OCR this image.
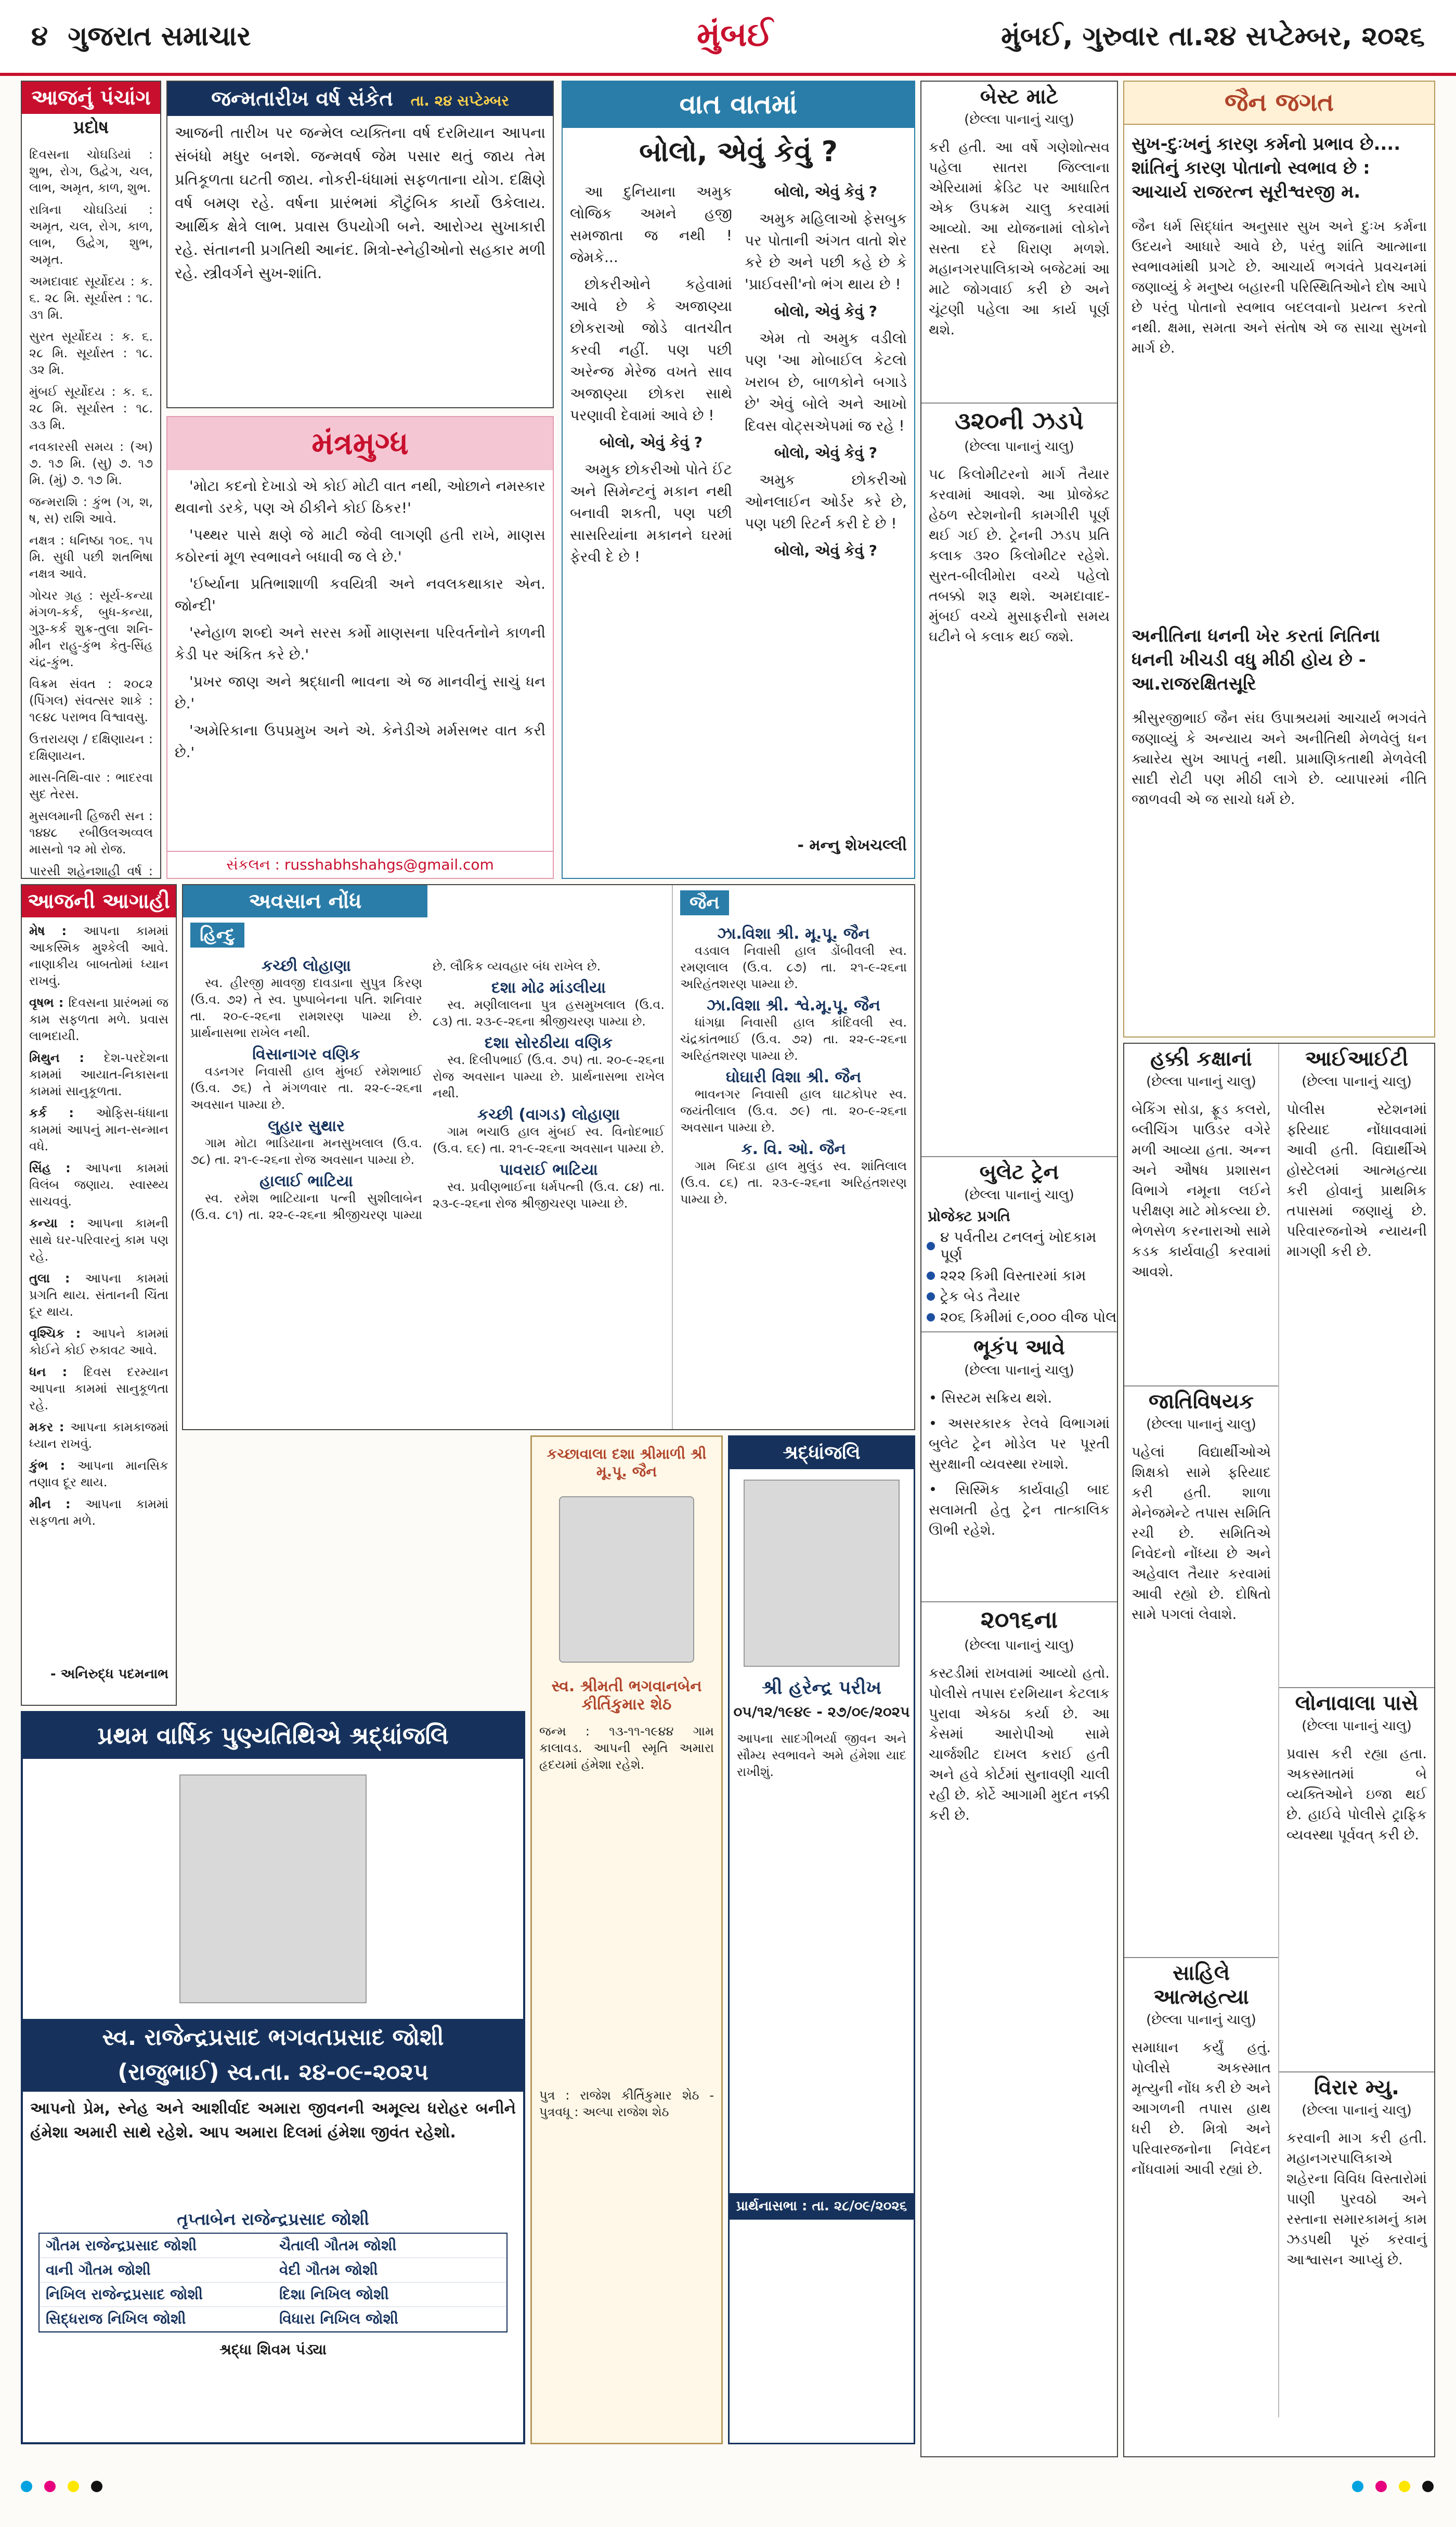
૪ ગુજરાત સમાચાર	મુંબઈ	મુંબઈ, ગુરુવાર તા.૨૪ સપ્ટેમ્બર, ૨૦૨૬
આજનું પંચાંગ
પ્રદોષ

દિવસના ચોઘડિયાં : શુભ, રોગ, ઉદ્વેગ, ચલ, લાભ, અમૃત, કાળ, શુભ.

રાત્રિના ચોઘડિયાં : અમૃત, ચલ, રોગ, કાળ, લાભ, ઉદ્વેગ, શુભ, અમૃત.

અમદાવાદ સૂર્યોદય : ક. ૬. ૨૮ મિ. સૂર્યાસ્ત : ૧૮. ૩૧ મિ.

સુરત સૂર્યોદય : ક. ૬. ૨૮ મિ. સૂર્યાસ્ત : ૧૮. ૩૨ મિ.

મુંબઈ સૂર્યોદય : ક. ૬. ૨૮ મિ. સૂર્યાસ્ત : ૧૮. ૩૩ મિ.

નવકારસી સમય : (અ) ૭. ૧૭ મિ. (સુ) ૭. ૧૭ મિ. (મું) ૭. ૧૭ મિ.

જન્મરાશિ : કુંભ (ગ, શ, ષ, સ) રાશિ આવે.

નક્ષત્ર : ધનિષ્ઠા ૧૦૬. ૧૫ મિ. સુધી પછી શતભિષા નક્ષત્ર આવે.

ગોચર ગ્રહ : સૂર્ય-કન્યા મંગળ-કર્ક, બુધ-કન્યા, ગુરૂ-કર્ક શુક્ર-તુલા શનિ-મીન રાહુ-કુંભ કેતુ-સિંહ ચંદ્ર-કુંભ.

વિક્રમ સંવત : ૨૦૮૨ (પિંગલ) સંવત્સર શાકે : ૧૯૪૮ પરાભવ વિશ્વાવસુ.

ઉત્તરાયણ / દક્ષિણાયન : દક્ષિણાયન.

માસ-તિથિ-વાર : ભાદરવા સુદ તેરસ.

મુસલમાની હિજરી સન : ૧૪૪૮ રબીઉલઅવ્વલ માસનો ૧૨ મો રોજ.

પારસી શહેનશાહી વર્ષ :

જન્મતારીખ વર્ષ સંકેત તા. ૨૪ સપ્ટેમ્બર
આજની તારીખ પર જન્મેલ વ્યક્તિના વર્ષ દરમિયાન આપના સંબંધો મધુર બનશે. જન્મવર્ષ જેમ પસાર થતું જાય તેમ પ્રતિકૂળતા ઘટતી જાય. નોકરી-ધંધામાં સફળતાના યોગ. દક્ષિણે વર્ષ બમણ રહે. વર્ષના પ્રારંભમાં કૌટુંબિક કાર્યો ઉકેલાય. આર્થિક ક્ષેત્રે લાભ. પ્રવાસ ઉપયોગી બને. આરોગ્ય સુખાકારી રહે. સંતાનની પ્રગતિથી આનંદ. મિત્રો-સ્નેહીઓનો સહકાર મળી રહે. સ્ત્રીવર્ગને સુખ-શાંતિ.
મંત્રમુગ્ધ

'મોટા કદનો દેખાડો એ કોઈ મોટી વાત નથી, ઓછાને નમસ્કાર થવાનો ડરકે, પણ એ ઠીકીને કોઈ ઠિકર!'

'પથ્થર પાસે ક્ષણે જે માટી જેવી લાગણી હતી રાખે, માણસ કઠોરનાં મૂળ સ્વભાવને બધાવી જ લે છે.'

'ઈર્ષ્યાના પ્રતિભાશાળી કવયિત્રી અને નવલકથાકાર એન. જોન્દી'

'સ્નેહાળ શબ્દો અને સરસ કર્મો માણસના પરિવર્તનોને કાળની કેડી પર અંકિત કરે છે.'

'પ્રખર જાણ અને શ્રદ્ધાની ભાવના એ જ માનવીનું સાચું ધન છે.'

'અમેરિકાના ઉપપ્રમુખ અને એ. કેનેડીએ મર્મસભર વાત કરી છે.'

સંકલન : russhabhshahgs@gmail.com
વાત વાતમાં
બોલો, એવું કેવું ?

આ દુનિયાના અમુક લોજિક અમને હજી સમજાતા જ નથી ! જેમકે...

છોકરીઓને કહેવામાં આવે છે કે અજાણ્યા છોકરાઓ જોડે વાતચીત કરવી નહીં. પણ પછી અરેન્જ મેરેજ વખતે સાવ અજાણ્યા છોકરા સાથે પરણાવી દેવામાં આવે છે !

બોલો, એવું કેવું ?

અમુક છોકરીઓ પોતે ઈંટ અને સિમેન્ટનું મકાન નથી બનાવી શકતી, પણ પછી સાસરિયાંના મકાનને ઘરમાં ફેરવી દે છે !

બોલો, એવું કેવું ?

અમુક મહિલાઓ ફેસબુક પર પોતાની અંગત વાતો શેર કરે છે અને પછી કહે છે કે 'પ્રાઈવસી'નો ભંગ થાય છે !

બોલો, એવું કેવું ?

એમ તો અમુક વડીલો પણ 'આ મોબાઈલ કેટલો ખરાબ છે, બાળકોને બગાડે છે' એવું બોલે અને આખો દિવસ વોટ્સએપમાં જ રહે !

બોલો, એવું કેવું ?

અમુક છોકરીઓ ઓનલાઈન ઓર્ડર કરે છે, પણ પછી રિટર્ન કરી દે છે !

બોલો, એવું કેવું ?

- મન્નુ શેખચલ્લી
બેસ્ટ માટે
(છેલ્લા પાનાનું ચાલુ)
કરી હતી. આ વર્ષે ગણેશોત્સવ પહેલા સાતરા જિલ્લાના એરિયામાં ક્રેડિટ પર આધારિત એક ઉપક્રમ ચાલુ કરવામાં આવ્યો. આ યોજનામાં લોકોને સસ્તા દરે ધિરાણ મળશે. મહાનગરપાલિકાએ બજેટમાં આ માટે જોગવાઈ કરી છે અને ચૂંટણી પહેલા આ કાર્ય પૂર્ણ થશે.
૩૨૦ની ઝડપે
(છેલ્લા પાનાનું ચાલુ)
૫૮ કિલોમીટરનો માર્ગ તૈયાર કરવામાં આવશે. આ પ્રોજેક્ટ હેઠળ સ્ટેશનોની કામગીરી પૂર્ણ થઈ ગઈ છે. ટ્રેનની ઝડપ પ્રતિ કલાક ૩૨૦ કિલોમીટર રહેશે. સુરત-બીલીમોરા વચ્ચે પહેલો તબક્કો શરૂ થશે. અમદાવાદ-મુંબઈ વચ્ચે મુસાફરીનો સમય ઘટીને બે કલાક થઈ જશે.
બુલેટ ટ્રેન
(છેલ્લા પાનાનું ચાલુ)
પ્રોજેક્ટ પ્રગતિ
૪ પર્વતીય ટનલનું ખોદકામ પૂર્ણ
૨૨૨ કિમી વિસ્તારમાં કામ
ટ્રેક બેડ તૈયાર
૨૦૬ કિમીમાં ૯,૦૦૦ વીજ પોલ
ભૂકંપ આવે
(છેલ્લા પાનાનું ચાલુ)

• સિસ્ટમ સક્રિય થશે.

• અસરકારક રેલવે વિભાગમાં બુલેટ ટ્રેન મોડેલ પર પૂરતી સુરક્ષાની વ્યવસ્થા રખાશે.

• સિસ્મિક કાર્યવાહી બાદ સલામતી હેતુ ટ્રેન તાત્કાલિક ઊભી રહેશે.

૨૦૧૬ના
(છેલ્લા પાનાનું ચાલુ)
કસ્ટડીમાં રાખવામાં આવ્યો હતો. પોલીસે તપાસ દરમિયાન કેટલાક પુરાવા એકઠા કર્યા છે. આ કેસમાં આરોપીઓ સામે ચાર્જશીટ દાખલ કરાઈ હતી અને હવે કોર્ટમાં સુનાવણી ચાલી રહી છે. કોર્ટે આગામી મુદત નક્કી કરી છે.
જૈન જગત
સુખ-દુઃખનું કારણ કર્મનો પ્રભાવ છે.... શાંતિનું કારણ પોતાનો સ્વભાવ છે : આચાર્ય રાજરત્ન સૂરીશ્વરજી મ.
જૈન ધર્મ સિદ્ધાંત અનુસાર સુખ અને દુઃખ કર્મના ઉદયને આધારે આવે છે, પરંતુ શાંતિ આત્માના સ્વભાવમાંથી પ્રગટે છે. આચાર્ય ભગવંતે પ્રવચનમાં જણાવ્યું કે મનુષ્ય બહારની પરિસ્થિતિઓને દોષ આપે છે પરંતુ પોતાનો સ્વભાવ બદલવાનો પ્રયત્ન કરતો નથી. ક્ષમા, સમતા અને સંતોષ એ જ સાચા સુખનો માર્ગ છે.
અનીતિના ધનની ખેર કરતાં નિતિના ધનની ખીચડી વધુ મીઠી હોય છે - આ.રાજરક્ષિતસૂરિ
શ્રીસુરજીભાઈ જૈન સંઘ ઉપાશ્રયમાં આચાર્ય ભગવંતે જણાવ્યું કે અન્યાય અને અનીતિથી મેળવેલું ધન ક્યારેય સુખ આપતું નથી. પ્રામાણિકતાથી મેળવેલી સાદી રોટી પણ મીઠી લાગે છે. વ્યાપારમાં નીતિ જાળવવી એ જ સાચો ધર્મ છે.
હક્કી કક્ષાનાં
(છેલ્લા પાનાનું ચાલુ)
બેકિંગ સોડા, ફ્રૂડ કલરો, બ્લીચિંગ પાઉડર વગેરે મળી આવ્યા હતા. અન્ન અને ઔષધ પ્રશાસન વિભાગે નમૂના લઈને પરીક્ષણ માટે મોકલ્યા છે. ભેળસેળ કરનારાઓ સામે કડક કાર્યવાહી કરવામાં આવશે.
જાતિવિષયક
(છેલ્લા પાનાનું ચાલુ)
પહેલાં વિદ્યાર્થીઓએ શિક્ષકો સામે ફરિયાદ કરી હતી. શાળા મેનેજમેન્ટે તપાસ સમિતિ રચી છે. સમિતિએ નિવેદનો નોંધ્યા છે અને અહેવાલ તૈયાર કરવામાં આવી રહ્યો છે. દોષિતો સામે પગલાં લેવાશે.
સાહિલે આત્મહત્યા
(છેલ્લા પાનાનું ચાલુ)
સમાધાન કર્યું હતું. પોલીસે અકસ્માત મૃત્યુની નોંધ કરી છે અને આગળની તપાસ હાથ ધરી છે. મિત્રો અને પરિવારજનોના નિવેદન નોંધવામાં આવી રહ્યાં છે.
આઈઆઈટી
(છેલ્લા પાનાનું ચાલુ)
પોલીસ સ્ટેશનમાં ફરિયાદ નોંધાવવામાં આવી હતી. વિદ્યાર્થીએ હોસ્ટેલમાં આત્મહત્યા કરી હોવાનું પ્રાથમિક તપાસમાં જણાયું છે. પરિવારજનોએ ન્યાયની માગણી કરી છે.
લોનાવાલા પાસે
(છેલ્લા પાનાનું ચાલુ)
પ્રવાસ કરી રહ્યા હતા. અકસ્માતમાં બે વ્યક્તિઓને ઇજા થઈ છે. હાઈવે પોલીસે ટ્રાફિક વ્યવસ્થા પૂર્વવત્ કરી છે.
વિરાર મ્યુ.
(છેલ્લા પાનાનું ચાલુ)
કરવાની માગ કરી હતી. મહાનગરપાલિકાએ શહેરના વિવિધ વિસ્તારોમાં પાણી પુરવઠો અને રસ્તાના સમારકામનું કામ ઝડપથી પૂરું કરવાનું આશ્વાસન આપ્યું છે.
આજની આગાહી

મેષ : આપના કામમાં આકસ્મિક મુશ્કેલી આવે. નાણાકીય બાબતોમાં ધ્યાન રાખવું.

વૃષભ : દિવસના પ્રારંભમાં જ કામ સફળતા મળે. પ્રવાસ લાભદાયી.

મિથુન : દેશ-પરદેશના કામમાં આયાત-નિકાસના કામમાં સાનુકૂળતા.

કર્ક : ઓફિસ-ધંધાના કામમાં આપનું માન-સન્માન વધે.

સિંહ : આપના કામમાં વિલંબ જણાય. સ્વાસ્થ્ય સાચવવું.

કન્યા : આપના કામની સાથે ઘર-પરિવારનું કામ પણ રહે.

તુલા : આપના કામમાં પ્રગતિ થાય. સંતાનની ચિંતા દૂર થાય.

વૃશ્ચિક : આપને કામમાં કોઈને કોઈ રુકાવટ આવે.

ધન : દિવસ દરમ્યાન આપના કામમાં સાનુકૂળતા રહે.

મકર : આપના કામકાજમાં ધ્યાન રાખવું.

કુંભ : આપના માનસિક તણાવ દૂર થાય.

મીન : આપના કામમાં સફળતા મળે.

- અનિરુદ્ધ પદમનાભ
અવસાન નોંધ
હિન્દુ
કચ્છી લોહાણા

સ્વ. હીરજી માવજી દાવડાના સુપુત્ર કિરણ (ઉ.વ. ૭૨) તે સ્વ. પુષ્પાબેનના પતિ. શનિવાર તા. ૨૦-૯-૨૬ના રામશરણ પામ્યા છે. પ્રાર્થનાસભા રાખેલ નથી.

વિસાનાગર વણિક

વડનગર નિવાસી હાલ મુંબઈ રમેશભાઈ (ઉ.વ. ૭૬) તે મંગળવાર તા. ૨૨-૯-૨૬ના અવસાન પામ્યા છે.

લુહાર સુથાર

ગામ મોટા ભાડિયાના મનસુખલાલ (ઉ.વ. ૭૮) તા. ૨૧-૯-૨૬ના રોજ અવસાન પામ્યા છે.

હાલાઈ ભાટિયા

સ્વ. રમેશ ભાટિયાના પત્ની સુશીલાબેન (ઉ.વ. ૮૧) તા. ૨૨-૯-૨૬ના શ્રીજીચરણ પામ્યા છે. લૌકિક વ્યવહાર બંધ રાખેલ છે.

દશા મોઢ માંડલીયા

સ્વ. મણીલાલના પુત્ર હસમુખલાલ (ઉ.વ. ૮૩) તા. ૨૩-૯-૨૬ના શ્રીજીચરણ પામ્યા છે.

દશા સોરઠીયા વણિક

સ્વ. દિલીપભાઈ (ઉ.વ. ૭૫) તા. ૨૦-૯-૨૬ના રોજ અવસાન પામ્યા છે. પ્રાર્થનાસભા રાખેલ નથી.

કચ્છી (વાગડ) લોહાણા

ગામ ભચાઉ હાલ મુંબઈ સ્વ. વિનોદભાઈ (ઉ.વ. ૬૯) તા. ૨૧-૯-૨૬ના અવસાન પામ્યા છે.

પાવરાઈ ભાટિયા

સ્વ. પ્રવીણભાઈના ધર્મપત્ની (ઉ.વ. ૮૪) તા. ૨૩-૯-૨૬ના રોજ શ્રીજીચરણ પામ્યા છે.

જૈન
ઝા.વિશા શ્રી. મૂ.પૂ. જૈન

વડવાલ નિવાસી હાલ ડોંબીવલી સ્વ. રમણલાલ (ઉ.વ. ૮૭) તા. ૨૧-૯-૨૬ના અરિહંતશરણ પામ્યા છે.

ઝા.વિશા શ્રી. શ્વે.મૂ.પૂ. જૈન

ધાંગધ્રા નિવાસી હાલ કાંદિવલી સ્વ. ચંદ્રકાંતભાઈ (ઉ.વ. ૭૨) તા. ૨૨-૯-૨૬ના અરિહંતશરણ પામ્યા છે.

ઘોઘારી વિશા શ્રી. જૈન

ભાવનગર નિવાસી હાલ ઘાટકોપર સ્વ. જયંતીલાલ (ઉ.વ. ૭૯) તા. ૨૦-૯-૨૬ના અવસાન પામ્યા છે.

ક. વિ. ઓ. જૈન

ગામ બિદડા હાલ મુલુંડ સ્વ. શાંતિલાલ (ઉ.વ. ૮૬) તા. ૨૩-૯-૨૬ના અરિહંતશરણ પામ્યા છે.

પ્રથમ વાર્ષિક પુણ્યતિથિએ શ્રદ્ધાંજલિ
સ્વ. રાજેન્દ્રપ્રસાદ ભગવતપ્રસાદ જોશી
(રાજુભાઈ) સ્વ.તા. ૨૪-૦૯-૨૦૨૫
આપનો પ્રેમ, સ્નેહ અને આશીર્વાદ અમારા જીવનની અમૂલ્ય ધરોહર બનીને હંમેશા અમારી સાથે રહેશે. આપ અમારા દિલમાં હંમેશા જીવંત રહેશો.
તૃપ્તાબેન રાજેન્દ્રપ્રસાદ જોશી
ગૌતમ રાજેન્દ્રપ્રસાદ જોશી	ચૈતાલી ગૌતમ જોશી
વાની ગૌતમ જોશી	વેદી ગૌતમ જોશી
નિખિલ રાજેન્દ્રપ્રસાદ જોશી	દિશા નિખિલ જોશી
સિદ્ધરાજ નિખિલ જોશી	વિધારા નિખિલ જોશી
શ્રદ્ધા શિવમ પંડ્યા
કચ્છાવાલા દશા શ્રીમાળી શ્રી મૂ.પૂ. જૈન
સ્વ. શ્રીમતી ભગવાનબેન કીર્તિકુમાર શેઠ
જન્મ : ૧૩-૧૧-૧૯૪૪ ગામ કાલાવડ. આપની સ્મૃતિ અમારા હૃદયમાં હંમેશા રહેશે.
પુત્ર : રાજેશ કીર્તિકુમાર શેઠ - પુત્રવધૂ : અલ્પા રાજેશ શેઠ
શ્રદ્ધાંજલિ
શ્રી હરેન્દ્ર પરીખ
૦૫/૧૨/૧૯૪૯ - ૨૭/૦૯/૨૦૨૫
આપના સાદગીભર્યા જીવન અને સૌમ્ય સ્વભાવને અમે હંમેશા યાદ રાખીશું.
પ્રાર્થનાસભા : તા. ૨૮/૦૯/૨૦૨૬
